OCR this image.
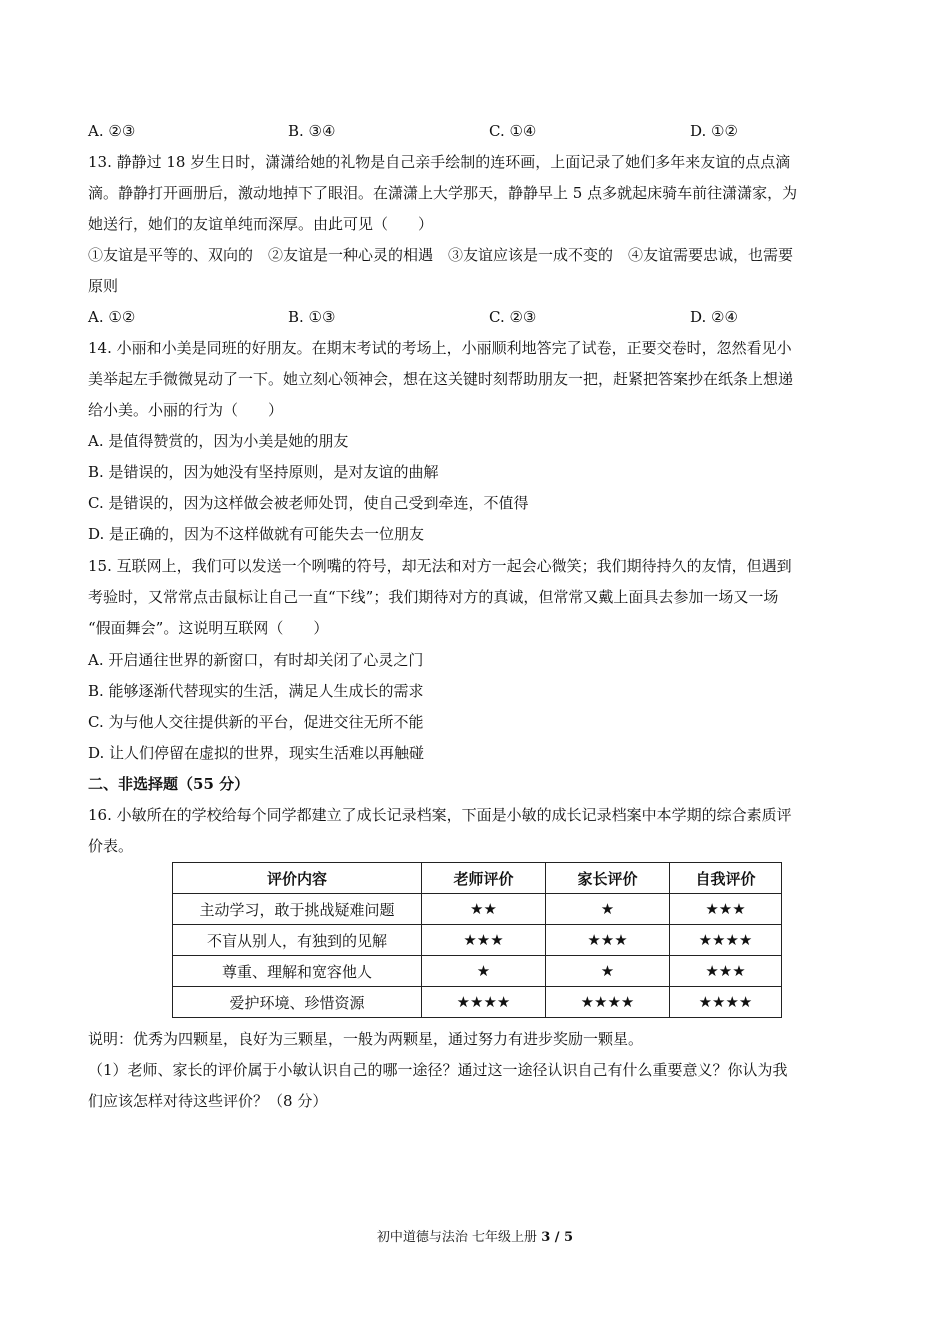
A. ②③	B. ③④	C. ①④	D. ①②
13. 静静过 18 岁生日时，潇潇给她的礼物是自己亲手绘制的连环画，上面记录了她们多年来友谊的点点滴
滴。静静打开画册后，激动地掉下了眼泪。在潇潇上大学那天，静静早上 5 点多就起床骑车前往潇潇家，为
她送行，她们的友谊单纯而深厚。由此可见（　　）
①友谊是平等的、双向的　②友谊是一种心灵的相遇　③友谊应该是一成不变的　④友谊需要忠诚，也需要
原则
A. ①②	B. ①③	C. ②③	D. ②④
14. 小丽和小美是同班的好朋友。在期末考试的考场上，小丽顺利地答完了试卷，正要交卷时，忽然看见小
美举起左手微微晃动了一下。她立刻心领神会，想在这关键时刻帮助朋友一把，赶紧把答案抄在纸条上想递
给小美。小丽的行为（　　）
A. 是值得赞赏的，因为小美是她的朋友
B. 是错误的，因为她没有坚持原则，是对友谊的曲解
C. 是错误的，因为这样做会被老师处罚，使自己受到牵连，不值得
D. 是正确的，因为不这样做就有可能失去一位朋友
15. 互联网上，我们可以发送一个咧嘴的符号，却无法和对方一起会心微笑；我们期待持久的友情，但遇到
考验时，又常常点击鼠标让自己一直“下线”；我们期待对方的真诚，但常常又戴上面具去参加一场又一场
“假面舞会”。这说明互联网（　　）
A. 开启通往世界的新窗口，有时却关闭了心灵之门
B. 能够逐渐代替现实的生活，满足人生成长的需求
C. 为与他人交往提供新的平台，促进交往无所不能
D. 让人们停留在虚拟的世界，现实生活难以再触碰
二、非选择题（55 分）
16. 小敏所在的学校给每个同学都建立了成长记录档案，下面是小敏的成长记录档案中本学期的综合素质评
价表。
评价内容	老师评价	家长评价	自我评价
主动学习，敢于挑战疑难问题	★★	★	★★★
不盲从别人，有独到的见解	★★★	★★★	★★★★
尊重、理解和宽容他人	★	★	★★★
爱护环境、珍惜资源	★★★★	★★★★	★★★★
说明：优秀为四颗星，良好为三颗星，一般为两颗星，通过努力有进步奖励一颗星。
（1）老师、家长的评价属于小敏认识自己的哪一途径？通过这一途径认识自己有什么重要意义？你认为我
们应该怎样对待这些评价？（8 分）
初中道德与法治 七年级上册 3 / 5
